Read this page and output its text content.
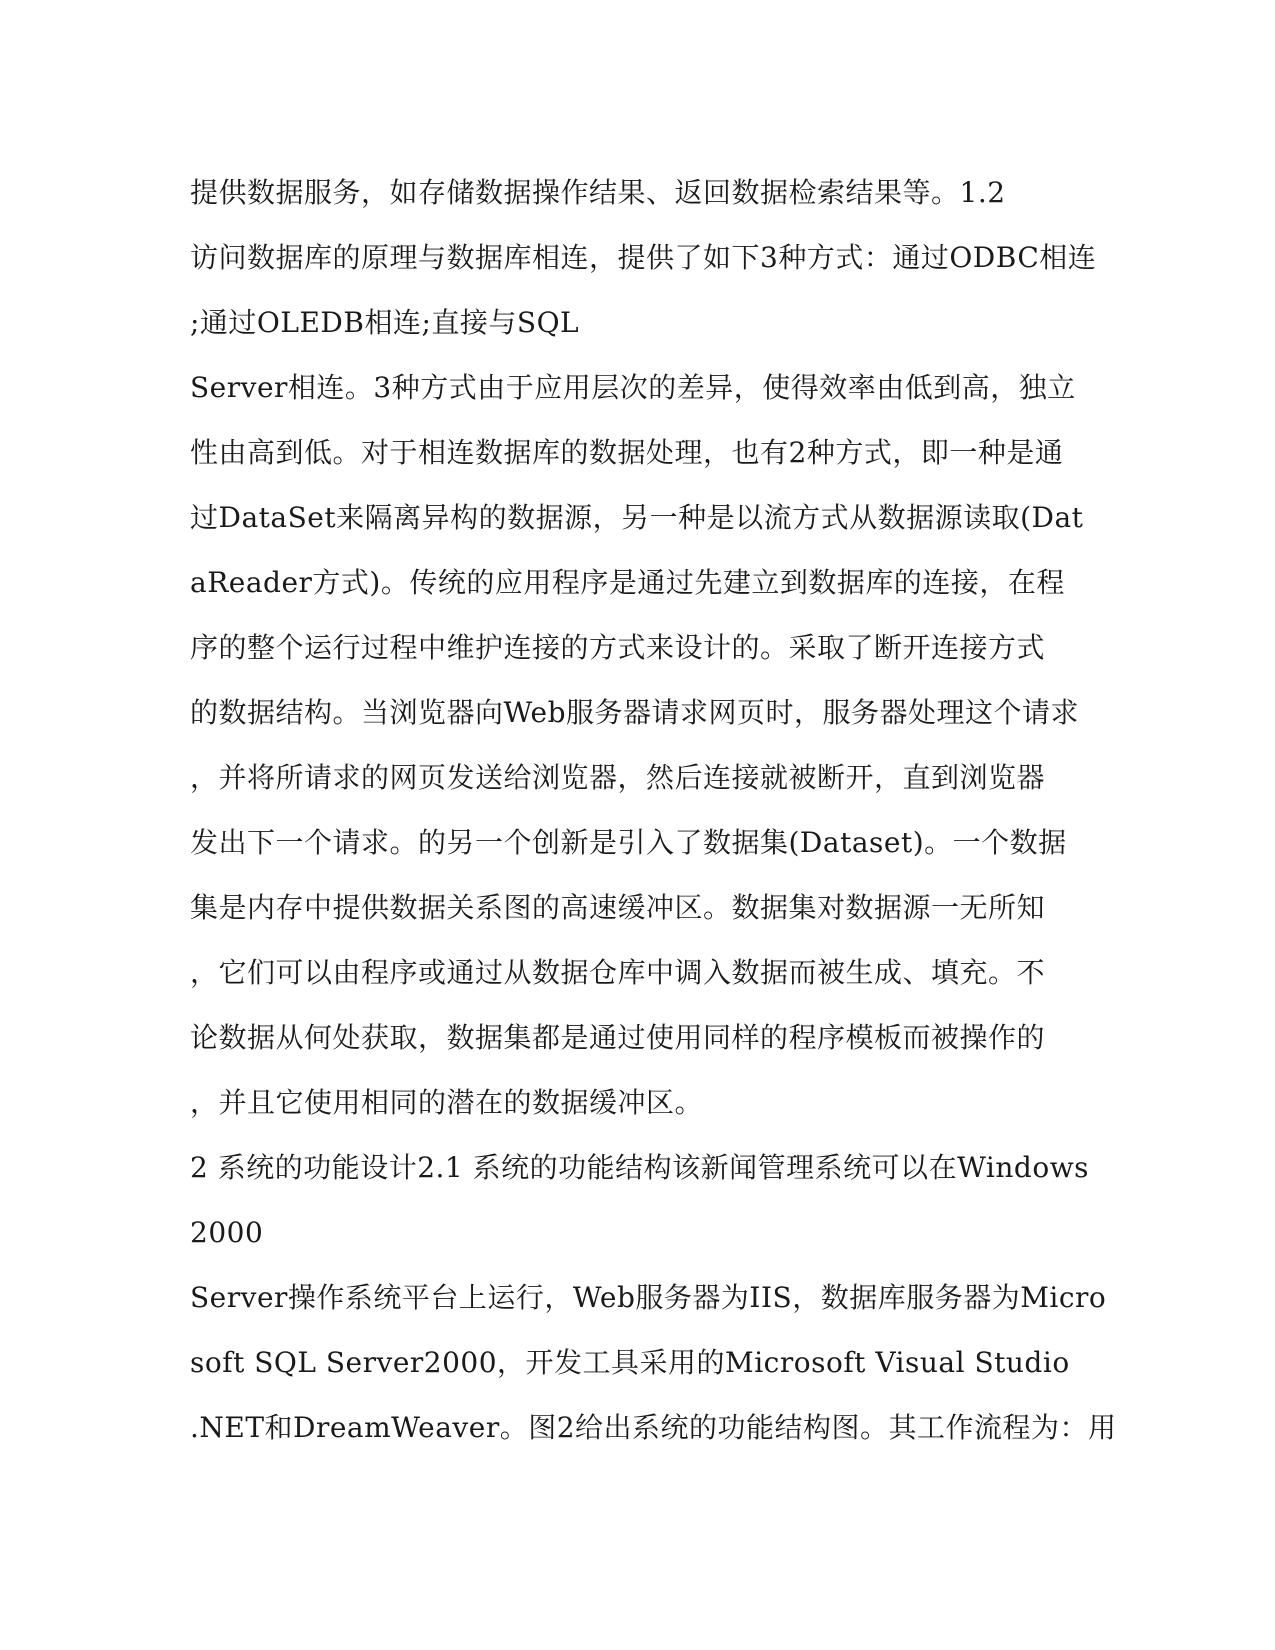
提供数据服务，如存储数据操作结果、返回数据检索结果等。1.2
访问数据库的原理与数据库相连，提供了如下3种方式：通过ODBC相连
;通过OLEDB相连;直接与SQL
Server相连。3种方式由于应用层次的差异，使得效率由低到高，独立
性由高到低。对于相连数据库的数据处理，也有2种方式，即一种是通
过DataSet来隔离异构的数据源，另一种是以流方式从数据源读取(Dat
aReader方式)。传统的应用程序是通过先建立到数据库的连接，在程
序的整个运行过程中维护连接的方式来设计的。采取了断开连接方式
的数据结构。当浏览器向Web服务器请求网页时，服务器处理这个请求
，并将所请求的网页发送给浏览器，然后连接就被断开，直到浏览器
发出下一个请求。的另一个创新是引入了数据集(Dataset)。一个数据
集是内存中提供数据关系图的高速缓冲区。数据集对数据源一无所知
，它们可以由程序或通过从数据仓库中调入数据而被生成、填充。不
论数据从何处获取，数据集都是通过使用同样的程序模板而被操作的
，并且它使用相同的潜在的数据缓冲区。
2 系统的功能设计2.1 系统的功能结构该新闻管理系统可以在Windows
2000
Server操作系统平台上运行，Web服务器为IIS，数据库服务器为Micro
soft SQL Server2000，开发工具采用的Microsoft Visual Studio
.NET和DreamWeaver。图2给出系统的功能结构图。其工作流程为：用
